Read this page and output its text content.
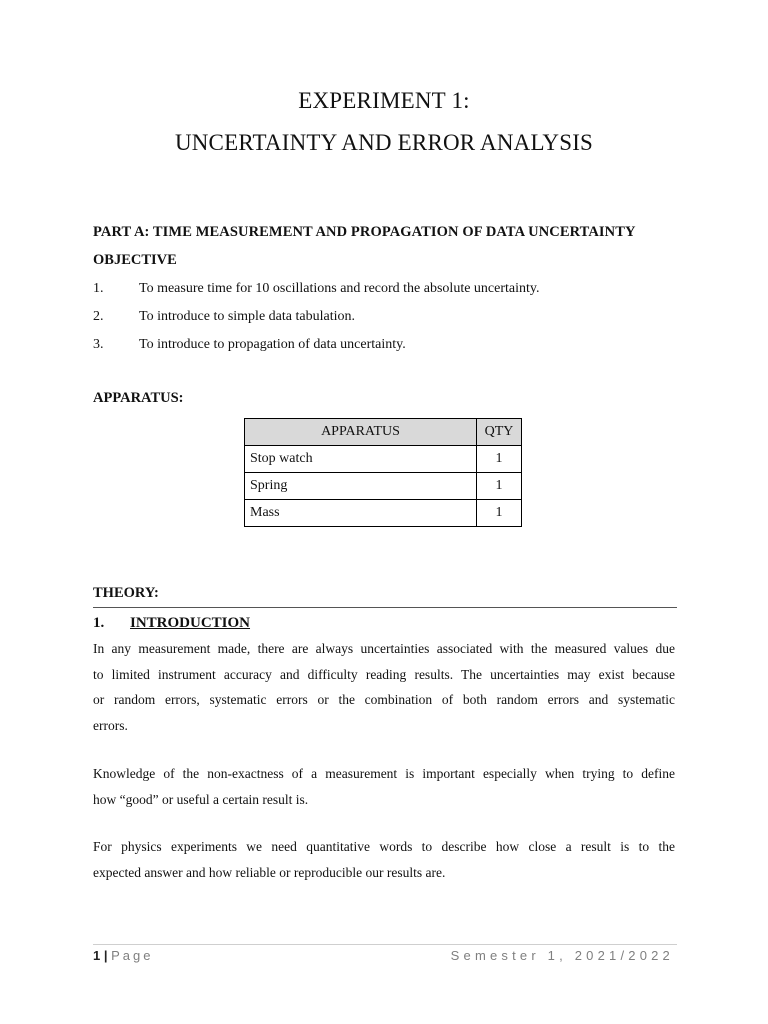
EXPERIMENT 1:
UNCERTAINTY AND ERROR ANALYSIS
PART A: TIME MEASUREMENT AND PROPAGATION OF DATA UNCERTAINTY
OBJECTIVE
1.	To measure time for 10 oscillations and record the absolute uncertainty.
2.	To introduce to simple data tabulation.
3.	To introduce to propagation of data uncertainty.
APPARATUS:
APPARATUS	QTY
Stop watch	1
Spring	1
Mass	1
THEORY:
1. INTRODUCTION
In any measurement made, there are always uncertainties associated with the measured values due
to limited instrument accuracy and difficulty reading results. The uncertainties may exist because
or random errors, systematic errors or the combination of both random errors and systematic
errors.
Knowledge of the non-exactness of a measurement is important especially when trying to define
how “good” or useful a certain result is.
For physics experiments we need quantitative words to describe how close a result is to the
expected answer and how reliable or reproducible our results are.
1 | Page	Semester 1, 2021/2022
